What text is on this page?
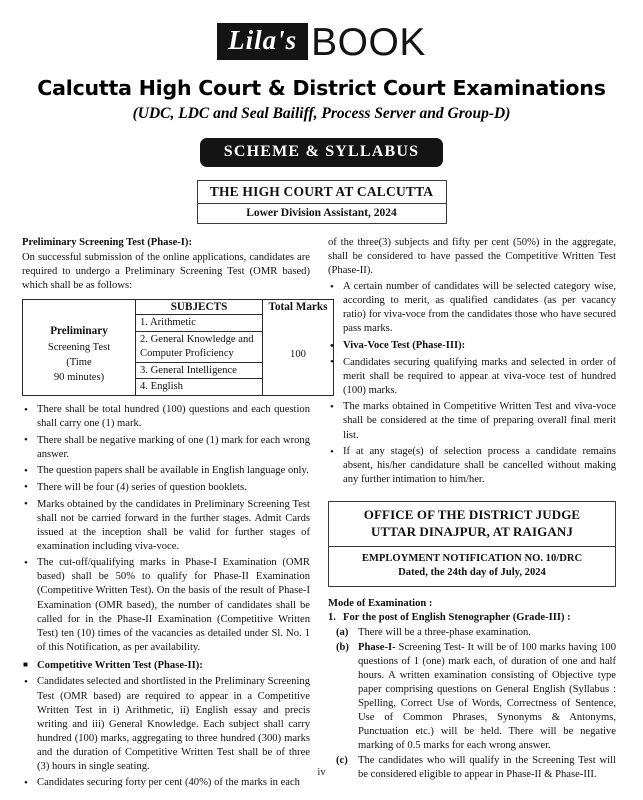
Lila's BOOK
Calcutta High Court & District Court Examinations
(UDC, LDC and Seal Bailiff, Process Server and Group-D)
SCHEME & SYLLABUS
THE HIGH COURT AT CALCUTTA
Lower Division Assistant, 2024
Preliminary Screening Test (Phase-I):

On successful submission of the online applications, candidates are required to undergo a Preliminary Screening Test (OMR based) which shall be as follows:

	SUBJECTS	Total Marks

Preliminary
Screening Test
(Time
90 minutes)	1. Arithmetic	100
	2. General Knowledge and Computer Proficiency	
	3. General Intelligence	
	4. English	
• There shall be total hundred (100) questions and each question shall carry one (1) mark.
• There shall be negative marking of one (1) mark for each wrong answer.
• The question papers shall be available in English language only.
• There will be four (4) series of question booklets.
• Marks obtained by the candidates in Preliminary Screening Test shall not be carried forward in the further stages. Admit Cards issued at the inception shall be valid for further stages of examination including viva-voce.
• The cut-off/qualifying marks in Phase-I Examination (OMR based) shall be 50% to qualify for Phase-II Examination (Competitive Written Test). On the basis of the result of Phase-I Examination (OMR based), the number of candidates shall be called for in the Phase-II Examination (Competitive Written Test) ten (10) times of the vacancies as detailed under Sl. No. 1 of this Notification, as per availability.
■ Competitive Written Test (Phase-II):
• Candidates selected and shortlisted in the Preliminary Screening Test (OMR based) are required to appear in a Competitive Written Test in i) Arithmetic, ii) English essay and precis writing and iii) General Knowledge. Each subject shall carry hundred (100) marks, aggregating to three hundred (300) marks and the duration of Competitive Written Test shall be of three (3) hours in single seating.
• Candidates securing forty per cent (40%) of the marks in each

of the three(3) subjects and fifty per cent (50%) in the aggregate, shall be considered to have passed the Competitive Written Test (Phase-II).

• A certain number of candidates will be selected category wise, according to merit, as qualified candidates (as per vacancy ratio) for viva-voce from the candidates those who have secured pass marks.
• Viva-Voce Test (Phase-III):
• Candidates securing qualifying marks and selected in order of merit shall be required to appear at viva-voce test of hundred (100) marks.
• The marks obtained in Competitive Written Test and viva-voce shall be considered at the time of preparing overall final merit list.
• If at any stage(s) of selection process a candidate remains absent, his/her candidature shall be cancelled without making any further intimation to him/her.
OFFICE OF THE DISTRICT JUDGE
UTTAR DINAJPUR, AT RAIGANJ
EMPLOYMENT NOTIFICATION NO. 10/DRC
Dated, the 24th day of July, 2024
Mode of Examination :
1. For the post of English Stenographer (Grade-III) :
(a) There will be a three-phase examination.
(b) Phase-I- Screening Test- It will be of 100 marks having 100 questions of 1 (one) mark each, of duration of one and half hours. A written examination consisting of Objective type paper comprising questions on General English (Syllabus : Spelling, Correct Use of Words, Correctness of Sentence, Use of Common Phrases, Synonyms & Antonyms, Punctuation etc.) will be held. There will be negative marking of 0.5 marks for each wrong answer.
(c) The candidates who will qualify in the Screening Test will be considered eligible to appear in Phase-II & Phase-III.
iv
